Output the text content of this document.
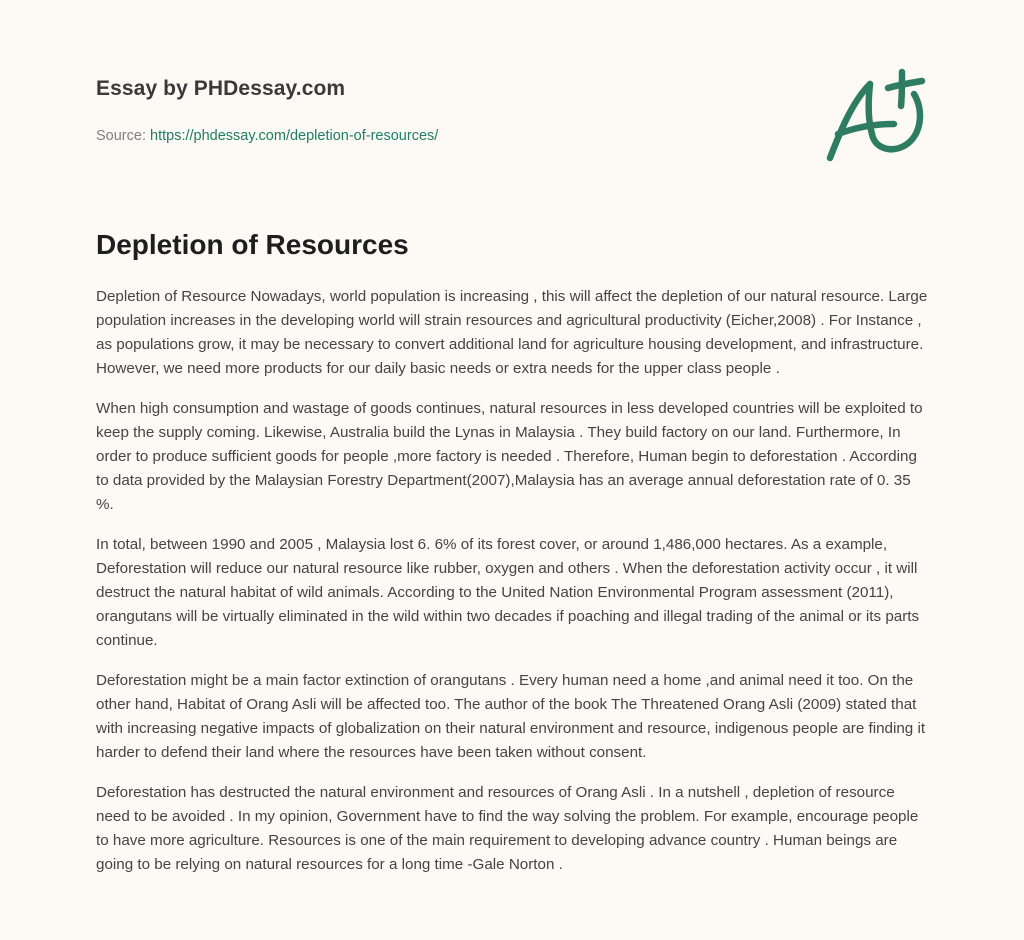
Essay by PHDessay.com
Source: https://phdessay.com/depletion-of-resources/
Depletion of Resources

Depletion of Resource Nowadays, world population is increasing , this will affect the depletion of our natural resource. Large population increases in the developing world will strain resources and agricultural productivity (Eicher,2008) . For Instance , as populations grow, it may be necessary to convert additional land for agriculture housing development, and infrastructure. However, we need more products for our daily basic needs or extra needs for the upper class people .

When high consumption and wastage of goods continues, natural resources in less developed countries will be exploited to keep the supply coming. Likewise, Australia build the Lynas in Malaysia . They build factory on our land. Furthermore, In order to produce sufficient goods for people ,more factory is needed . Therefore, Human begin to deforestation . According to data provided by the Malaysian Forestry Department(2007),Malaysia has an average annual deforestation rate of 0. 35 %.

In total, between 1990 and 2005 , Malaysia lost 6. 6% of its forest cover, or around 1,486,000 hectares. As a example, Deforestation will reduce our natural resource like rubber, oxygen and others . When the deforestation activity occur , it will destruct the natural habitat of wild animals. According to the United Nation Environmental Program assessment (2011), orangutans will be virtually eliminated in the wild within two decades if poaching and illegal trading of the animal or its parts continue.

Deforestation might be a main factor extinction of orangutans . Every human need a home ,and animal need it too. On the other hand, Habitat of Orang Asli will be affected too. The author of the book The Threatened Orang Asli (2009) stated that with increasing negative impacts of globalization on their natural environment and resource, indigenous people are finding it harder to defend their land where the resources have been taken without consent.

Deforestation has destructed the natural environment and resources of Orang Asli . In a nutshell , depletion of resource need to be avoided . In my opinion, Government have to find the way solving the problem. For example, encourage people to have more agriculture. Resources is one of the main requirement to developing advance country . Human beings are going to be relying on natural resources for a long time -Gale Norton .
